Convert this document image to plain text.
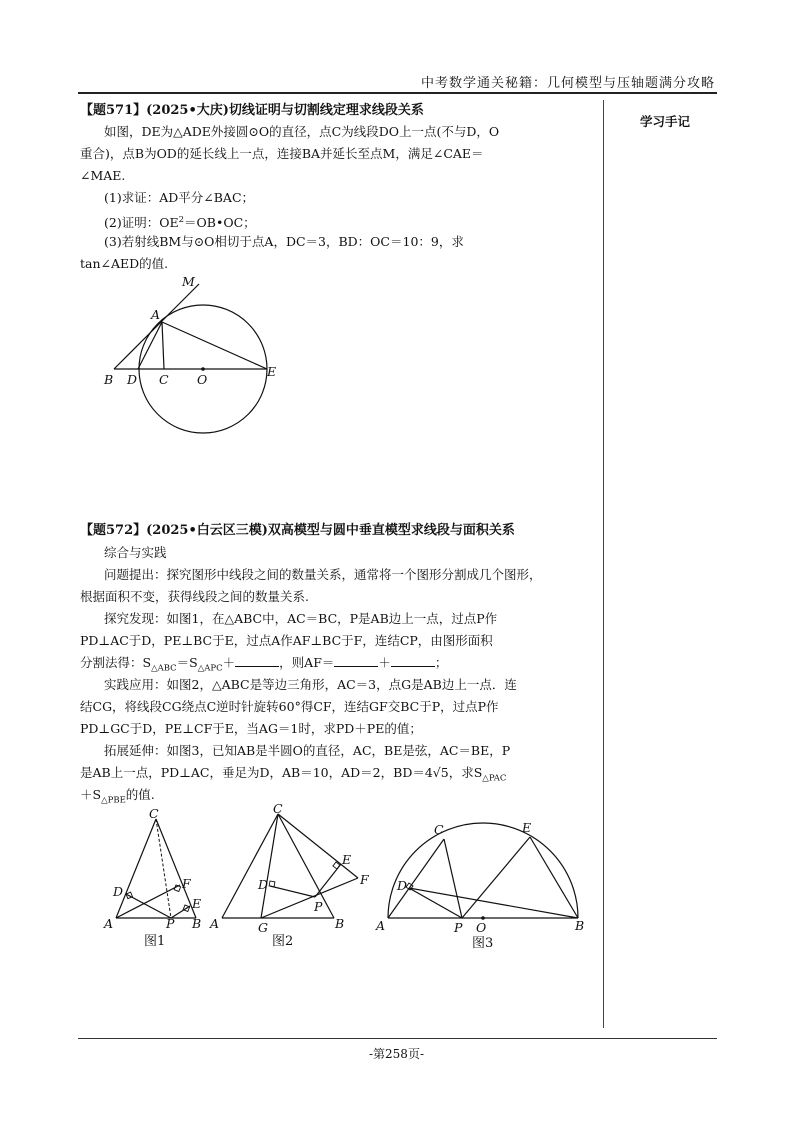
中考数学通关秘籍：几何模型与压轴题满分攻略
学习手记
【题571】(2025•大庆)切线证明与切割线定理求线段关系
如图，DE为△ADE外接圆⊙O的直径，点C为线段DO上一点(不与D，O
重合)，点B为OD的延长线上一点，连接BA并延长至点M，满足∠CAE＝
∠MAE.
(1)求证：AD平分∠BAC；
(2)证明：$OE^2=OB•OC$；
(3)若射线BM与⊙O相切于点A，DC＝3，BD：OC＝10：9，求
tan∠AED的值.
M
A
B D C O
E
【题572】(2025•白云区三模)双高模型与圆中垂直模型求线段与面积关系
综合与实践
问题提出：探究图形中线段之间的数量关系，通常将一个图形分割成几个图形，
根据面积不变，获得线段之间的数量关系.
探究发现：如图1，在△ABC中，AC＝BC，P是AB边上一点，过点P作
PD⊥AC于D，PE⊥BC于E，过点A作AF⊥BC于F，连结CP，由图形面积
分割法得：$S_{\triangle ABC}=S_{\triangle APC}+$	，则AF＝	＋	；
实践应用：如图2，△ABC是等边三角形，AC＝3，点G是AB边上一点．连
结CG，将线段CG绕点C逆时针旋转60°得CF，连结GF交BC于P，过点P作
PD⊥GC于D，PE⊥CF于E，当AG＝1时，求PD＋PE的值；
拓展延伸：如图3，已知AB是半圆O的直径，AC，BE是弦，AC＝BE，P
是AB上一点，PD⊥AC，垂足为D，AB＝10，AD＝2，BD＝4√5，求$S_{\triangle PAC}$
$+S_{\triangle PBE}$的值.
C
D
F
E
A	P B
图1
C
D
E
F
P
A	G	B
图2
C	E
D
A	P O	B
图3
-第258页-
